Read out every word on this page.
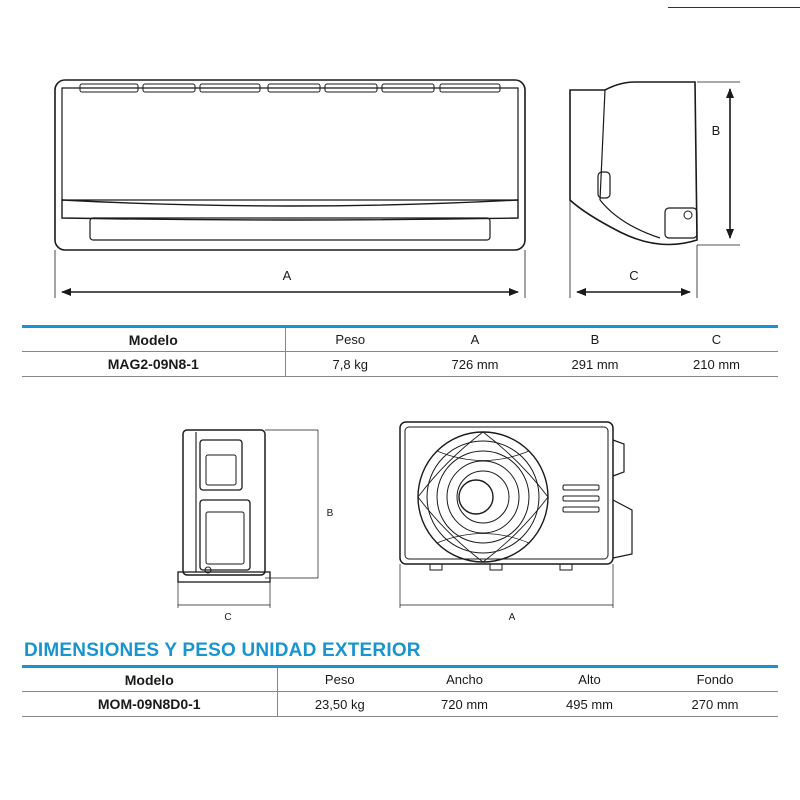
A	C
B
B
C	A
Modelo	Peso	A	B	C
MAG2-09N8-1	7,8 kg	726 mm	291 mm	210 mm
DIMENSIONES Y PESO UNIDAD EXTERIOR
Modelo	Peso	Ancho	Alto	Fondo
MOM-09N8D0-1	23,50 kg	720 mm	495 mm	270 mm
